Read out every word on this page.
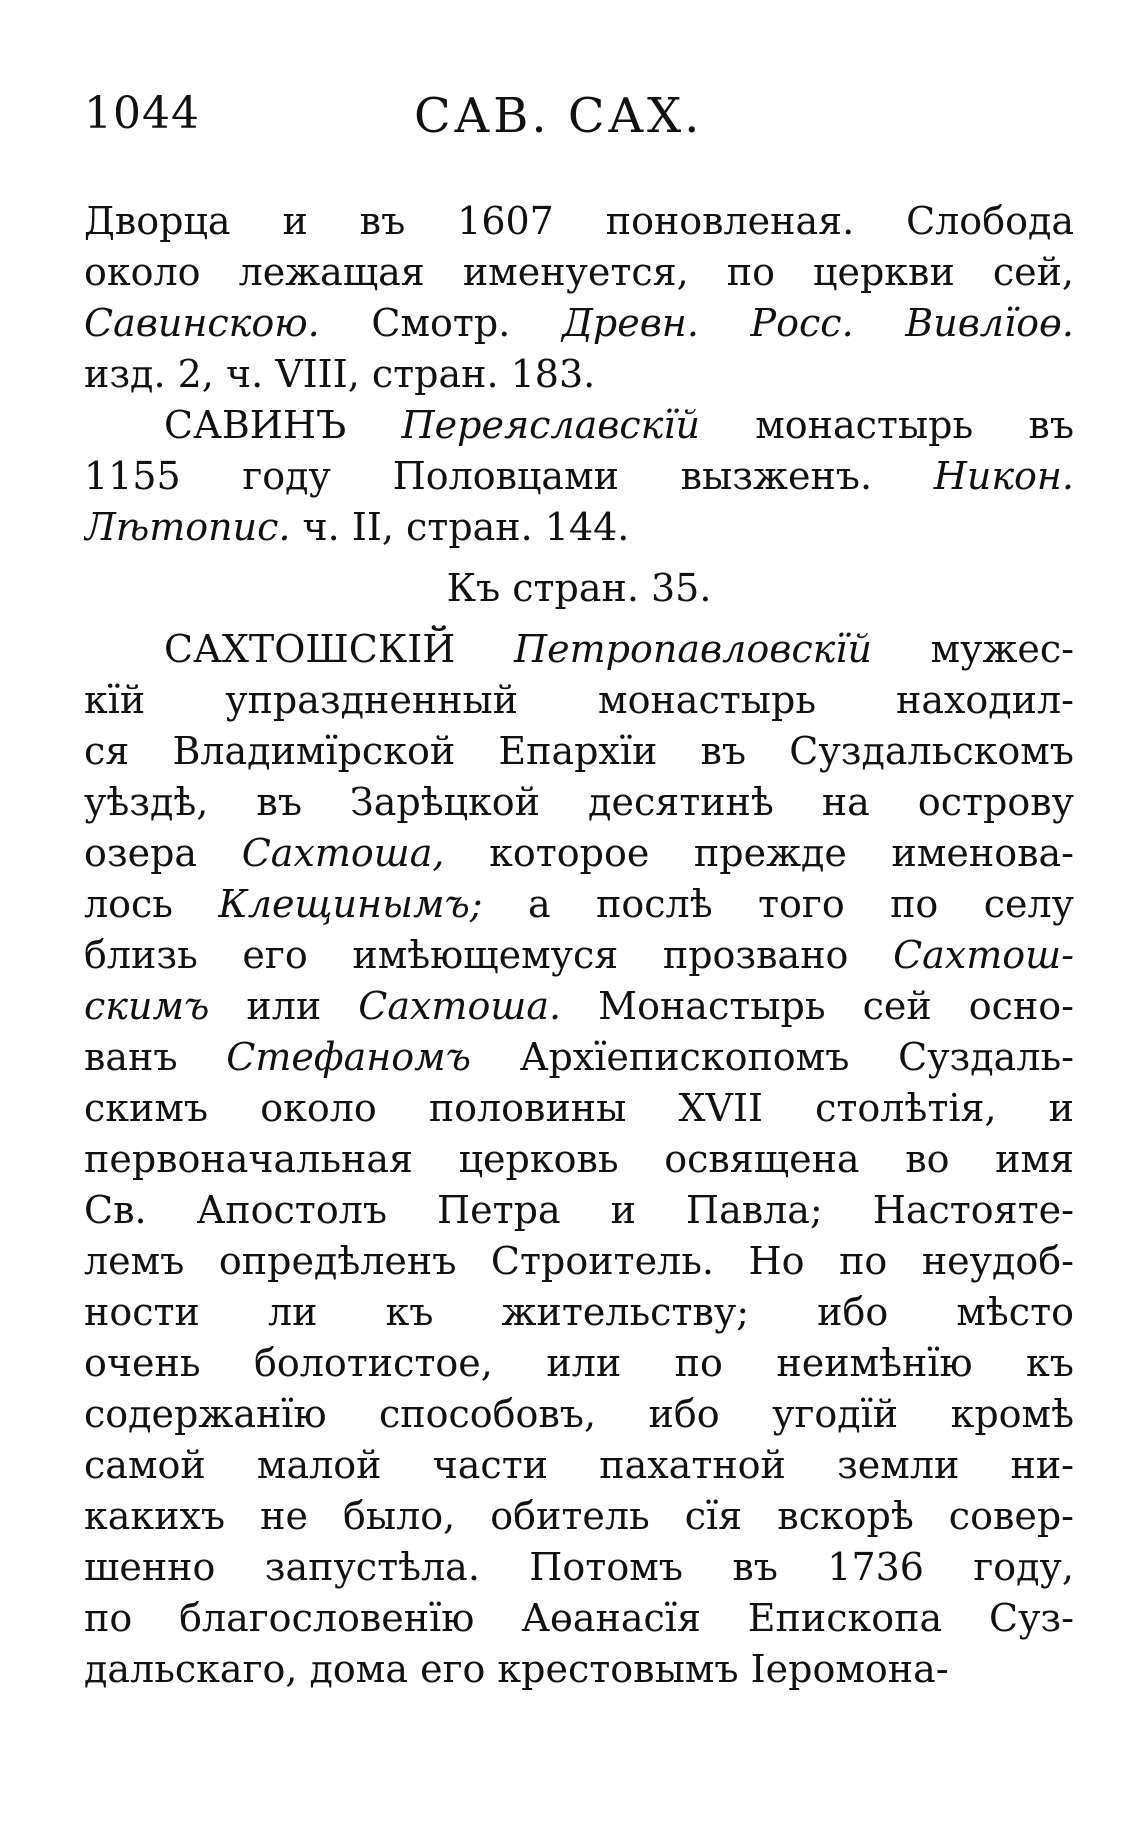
1044	САВ. САХ.
Дворца и въ 1607 поновленая. Слобода
около лежащая именуется, по церкви сей,
Савинскою. Смотр. Древн. Росс. Вивлїоө.
изд. 2, ч. VIII, стран. 183.
САВИНЪ Переяславскїй монастырь въ
1155 году Половцами вызженъ. Никон.
Лѣтопис. ч. II, стран. 144.
Къ стран. 35.
САХТОШСКІЙ Петропавловскїй мужес-
кїй упраздненный монастырь находил-
ся Владимїрской Епархїи въ Суздальскомъ
уѣздѣ, въ Зарѣцкой десятинѣ на острову
озера Сахтоша, которое прежде именова-
лось Клещинымъ; а послѣ того по селу
близь его имѣющемуся прозвано Сахтош-
скимъ или Сахтоша. Монастырь сей осно-
ванъ Стефаномъ Архїепископомъ Суздаль-
скимъ около половины XVII столѣтія, и
первоначальная церковь освящена во имя
Св. Апостолъ Петра и Павла; Настояте-
лемъ опредѣленъ Строитель. Но по неудоб-
ности ли къ жительству; ибо мѣсто
очень болотистое, или по неимѣнїю къ
содержанїю способовъ, ибо угодїй кромѣ
самой малой части пахатной земли ни-
какихъ не было, обитель сїя вскорѣ совер-
шенно запустѣла. Потомъ въ 1736 году,
по благословенїю Аөанасїя Епископа Суз-
дальскаго, дома его крестовымъ Іеромона-
